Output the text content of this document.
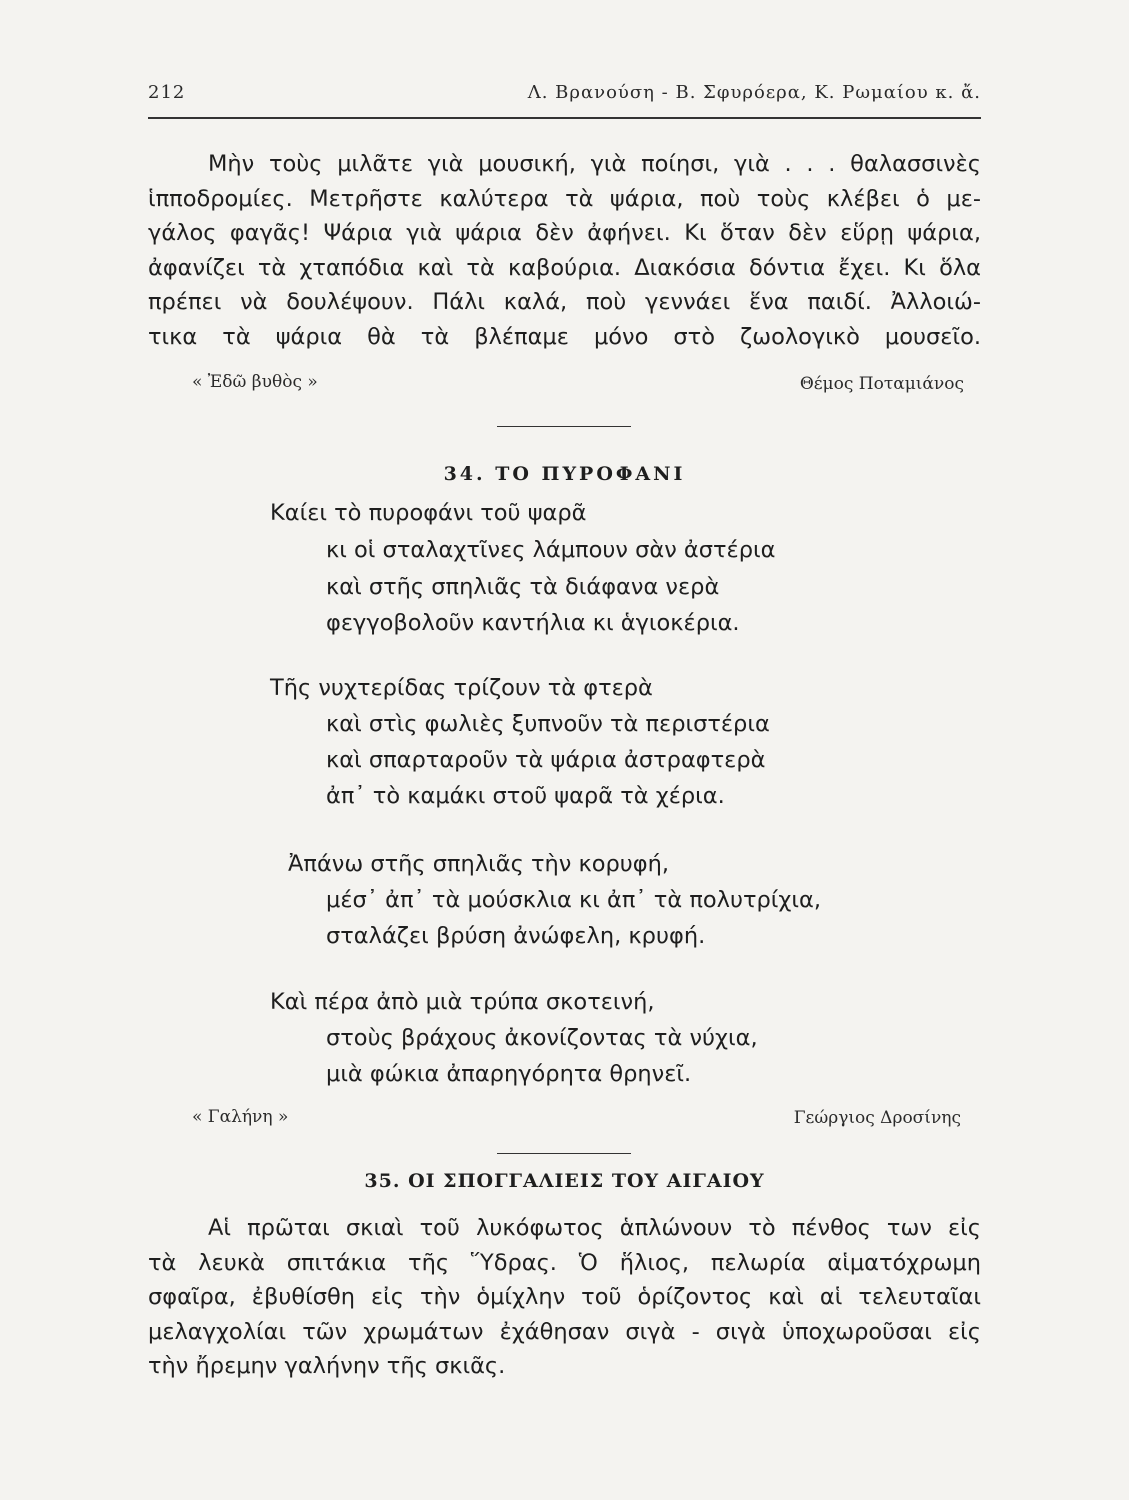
212	Λ. Βρανούση - Β. Σφυρόερα, Κ. Ρωμαίου κ. ἄ.
Μὴν τοὺς μιλᾶτε γιὰ μουσική, γιὰ ποίησι, γιὰ . . . θαλασσινὲς
ἱπποδρομίες. Μετρῆστε καλύτερα τὰ ψάρια, ποὺ τοὺς κλέβει ὁ με-
γάλος φαγᾶς! Ψάρια γιὰ ψάρια δὲν ἀφήνει. Κι ὅταν δὲν εὕρῃ ψάρια,
ἀφανίζει τὰ χταπόδια καὶ τὰ καβούρια. Διακόσια δόντια ἔχει. Κι ὅλα
πρέπει νὰ δουλέψουν. Πάλι καλά, ποὺ γεννάει ἕνα παιδί. Ἀλλοιώ-
τικα τὰ ψάρια θὰ τὰ βλέπαμε μόνο στὸ ζωολογικὸ μουσεῖο.
« Ἐδῶ βυθὸς »	Θέμος Ποταμιάνος
34. ΤΟ ΠΥΡΟΦΑΝΙ
Καίει τὸ πυροφάνι τοῦ ψαρᾶ
κι οἱ σταλαχτῖνες λάμπουν σὰν ἀστέρια
καὶ στῆς σπηλιᾶς τὰ διάφανα νερὰ
φεγγοβολοῦν καντήλια κι ἁγιοκέρια.
Τῆς νυχτερίδας τρίζουν τὰ φτερὰ
καὶ στὶς φωλιὲς ξυπνοῦν τὰ περιστέρια
καὶ σπαρταροῦν τὰ ψάρια ἀστραφτερὰ
ἀπ᾿ τὸ καμάκι στοῦ ψαρᾶ τὰ χέρια.
Ἀπάνω στῆς σπηλιᾶς τὴν κορυφή,
μέσ᾿ ἀπ᾿ τὰ μούσκλια κι ἀπ᾿ τὰ πολυτρίχια,
σταλάζει βρύση ἀνώφελη, κρυφή.
Καὶ πέρα ἀπὸ μιὰ τρύπα σκοτεινή,
στοὺς βράχους ἀκονίζοντας τὰ νύχια,
μιὰ φώκια ἀπαρηγόρητα θρηνεῖ.
« Γαλήνη »	Γεώργιος Δροσίνης
35. ΟΙ ΣΠΟΓΓΑΛΙΕΙΣ ΤΟΥ ΑΙΓΑΙΟΥ
Αἱ πρῶται σκιαὶ τοῦ λυκόφωτος ἁπλώνουν τὸ πένθος των εἰς
τὰ λευκὰ σπιτάκια τῆς Ὕδρας. Ὁ ἥλιος, πελωρία αἱματόχρωμη
σφαῖρα, ἐβυθίσθη εἰς τὴν ὁμίχλην τοῦ ὁρίζοντος καὶ αἱ τελευταῖαι
μελαγχολίαι τῶν χρωμάτων ἐχάθησαν σιγὰ - σιγὰ ὑποχωροῦσαι εἰς
τὴν ἤρεμην γαλήνην τῆς σκιᾶς.
